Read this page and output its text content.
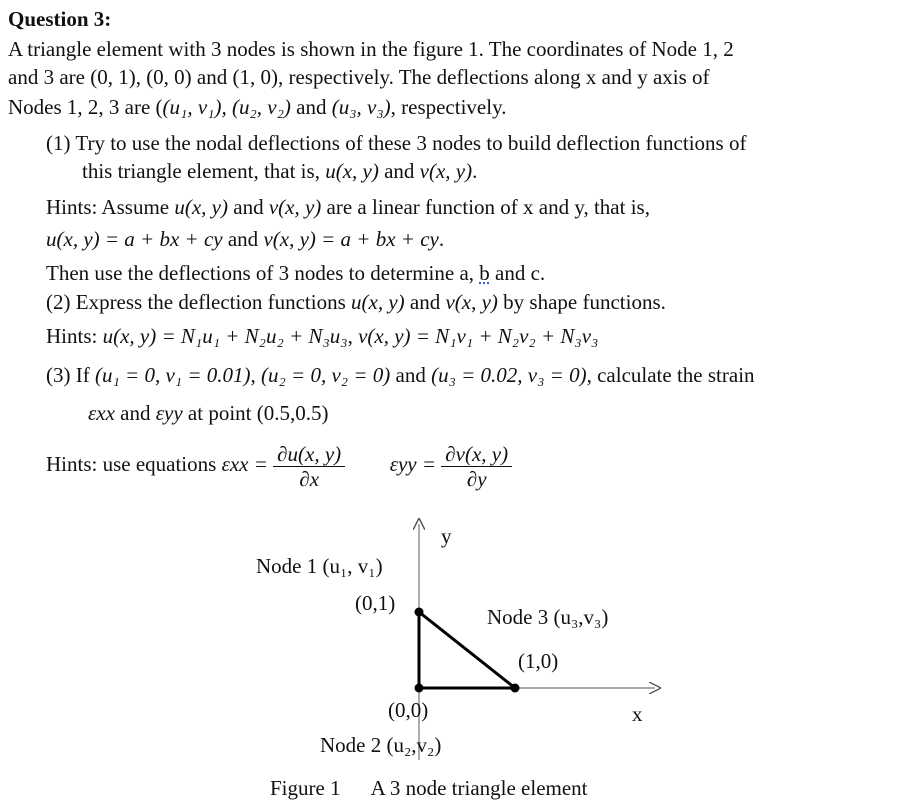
Question 3:
A triangle element with 3 nodes is shown in the figure 1. The coordinates of Node 1, 2
and 3 are (0, 1), (0, 0) and (1, 0), respectively. The deflections along x and y axis of
Nodes 1, 2, 3 are ((u₁, v₁), (u₂, v₂) and (u₃, v₃), respectively.
(1) Try to use the nodal deflections of these 3 nodes to build deflection functions of
this triangle element, that is, u(x, y) and v(x, y).
Hints: Assume u(x, y) and v(x, y) are a linear function of x and y, that is,
u(x, y) = a + bx + cy and v(x, y) = a + bx + cy.
Then use the deflections of 3 nodes to determine a, b and c.
(2) Express the deflection functions u(x, y) and v(x, y) by shape functions.
Hints: u(x, y) = N₁u₁ + N₂u₂ + N₃u₃, v(x, y) = N₁v₁ + N₂v₂ + N₃v₃
(3) If (u₁ = 0, v₁ = 0.01), (u₂ = 0, v₂ = 0) and (u₃ = 0.02, v₃ = 0), calculate the strain
εxx and εyy at point (0.5,0.5)
Hints: use equations $\varepsilon xx = \frac{\partial u(x, y)}{\partial x}$ $\varepsilon yy = \frac{\partial v(x, y)}{\partial y}$
y
x
Node 1 (u₁, v₁)
(0,1)
Node 3 (u₃,v₃)
(1,0)
(0,0)
Node 2 (u₂,v₂)
Figure 1 A 3 node triangle element
